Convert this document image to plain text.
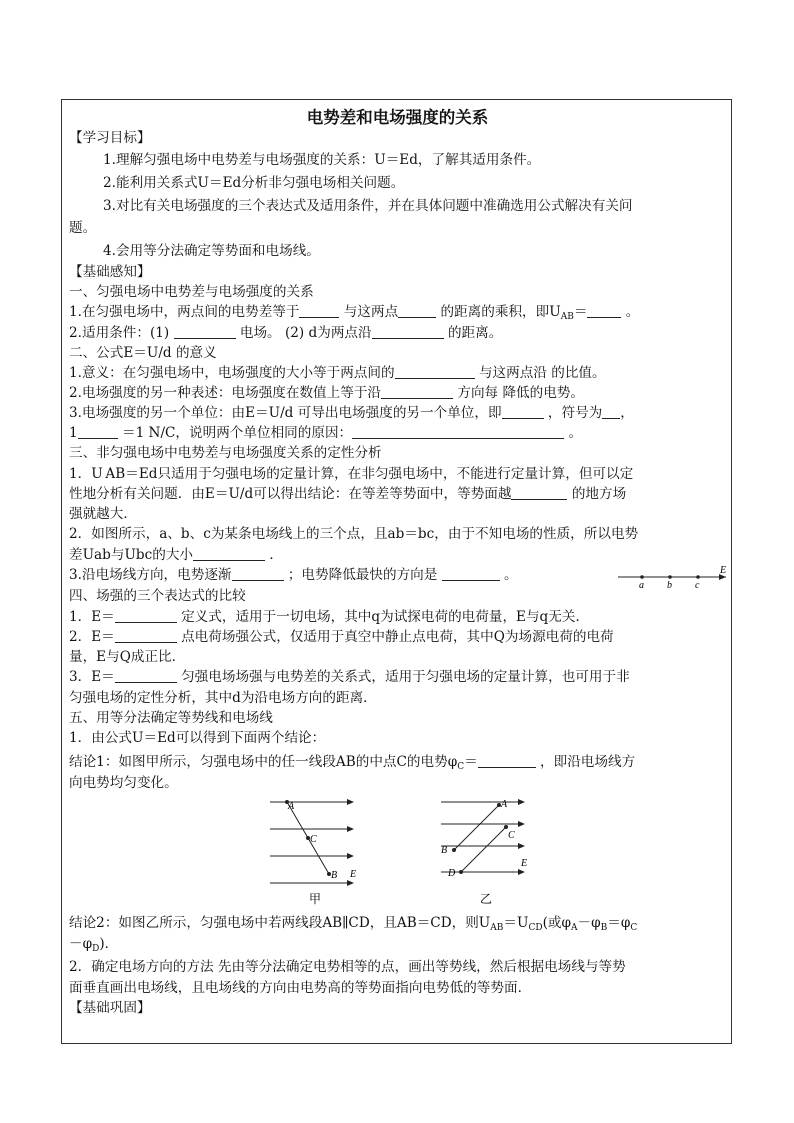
电势差和电场强度的关系
【学习目标】
1.理解匀强电场中电势差与电场强度的关系：U＝Ed，了解其适用条件。
2.能利用关系式U＝Ed分析非匀强电场相关问题。
3.对比有关电场强度的三个表达式及适用条件，并在具体问题中准确选用公式解决有关问
题。
4.会用等分法确定等势面和电场线。
【基础感知】
一、匀强电场中电势差与电场强度的关系
1.在匀强电场中，两点间的电势差等于	与这两点	的距离的乘积，即$U_{AB}=$	。
2.适用条件：(1)	电场。 (2) d为两点沿	的距离。
二、公式E＝U/d 的意义
1.意义：在匀强电场中，电场强度的大小等于两点间的	与这两点沿 的比值。
2.电场强度的另一种表述：电场强度在数值上等于沿	方向每 降低的电势。
3.电场强度的另一个单位：由E＝U/d 可导出电场强度的另一个单位，即	，符号为 ，
1	＝1 N/C，说明两个单位相同的原因：	。
三、非匀强电场中电势差与电场强度关系的定性分析
1．U AB＝Ed只适用于匀强电场的定量计算，在非匀强电场中，不能进行定量计算，但可以定
性地分析有关问题．由E＝U/d可以得出结论：在等差等势面中，等势面越	的地方场
强就越大．
2．如图所示，a、b、c为某条电场线上的三个点，且ab＝bc，由于不知电场的性质，所以电势
差Uab与Ubc的大小	．
3.沿电场线方向，电势逐渐	；电势降低最快的方向是	。
a b c
E
四、场强的三个表达式的比较
1．E＝	定义式，适用于一切电场，其中q为试探电荷的电荷量，E与q无关．
2．E＝	点电荷场强公式，仅适用于真空中静止点电荷，其中Q为场源电荷的电荷
量，E与Q成正比．
3．E＝	匀强电场场强与电势差的关系式，适用于匀强电场的定量计算，也可用于非
匀强电场的定性分析，其中d为沿电场方向的距离．
五、用等分法确定等势线和电场线
1．由公式U＝Ed可以得到下面两个结论：
结论1：如图甲所示，匀强电场中的任一线段AB的中点C的电势$\varphi_C=$	，即沿电场线方
向电势均匀变化。
A
C
B E
甲
A
B
C
D
E
乙
结论2：如图乙所示，匀强电场中若两线段AB∥CD，且AB＝CD，则$U_{AB}=U_{CD}$(或$\varphi_A-\varphi_B=\varphi_C$
$-\varphi_D$)．
2．确定电场方向的方法 先由等分法确定电势相等的点，画出等势线，然后根据电场线与等势
面垂直画出电场线，且电场线的方向由电势高的等势面指向电势低的等势面．
【基础巩固】
